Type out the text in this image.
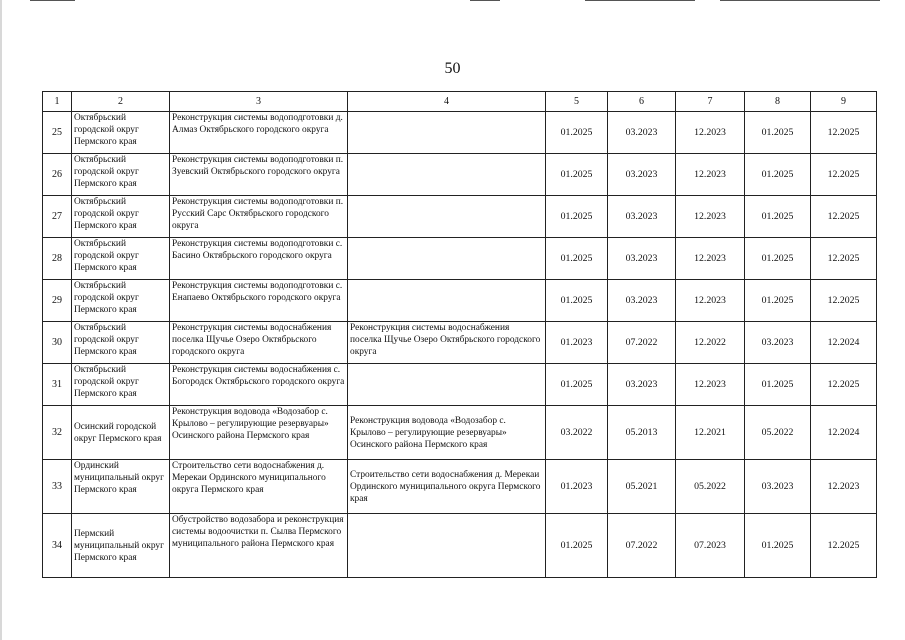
50
1	2	3	4	5	6	7	8	9
25	Октябрьский городской округ Пермского края	Реконструкция системы водоподготовки д. Алмаз Октябрьского городского округа		01.2025	03.2023	12.2023	01.2025	12.2025
26	Октябрьский городской округ Пермского края	Реконструкция системы водоподготовки п. Зуевский Октябрьского городского округа		01.2025	03.2023	12.2023	01.2025	12.2025
27	Октябрьский городской округ Пермского края	Реконструкция системы водоподготовки п. Русский Сарс Октябрьского городского округа		01.2025	03.2023	12.2023	01.2025	12.2025
28	Октябрьский городской округ Пермского края	Реконструкция системы водоподготовки с. Басино Октябрьского городского округа		01.2025	03.2023	12.2023	01.2025	12.2025
29	Октябрьский городской округ Пермского края	Реконструкция системы водоподготовки с. Енапаево Октябрьского городского округа		01.2025	03.2023	12.2023	01.2025	12.2025
30	Октябрьский городской округ Пермского края	Реконструкция системы водоснабжения поселка Щучье Озеро Октябрьского городского округа	Реконструкция системы водоснабжения поселка Щучье Озеро Октябрьского городского округа	01.2023	07.2022	12.2022	03.2023	12.2024
31	Октябрьский городской округ Пермского края	Реконструкция системы водоснабжения с. Богородск Октябрьского городского округа		01.2025	03.2023	12.2023	01.2025	12.2025
32	Осинский городской округ Пермского края	Реконструкция водовода «Водозабор с. Крылово – регулирующие резервуары» Осинского района Пермского края	Реконструкция водовода «Водозабор с. Крылово – регулирующие резервуары» Осинского района Пермского края	03.2022	05.2013	12.2021	05.2022	12.2024
33	Ординский муниципальный округ Пермского края	Строительство сети водоснабжения д. Мерекаи Ординского муниципального округа Пермского края	Строительство сети водоснабжения д. Мерекаи Ординского муниципального округа Пермского края	01.2023	05.2021	05.2022	03.2023	12.2023
34	Пермский муниципальный округ Пермского края	Обустройство водозабора и реконструкция системы водоочистки п. Сылва Пермского муниципального района Пермского края		01.2025	07.2022	07.2023	01.2025	12.2025
